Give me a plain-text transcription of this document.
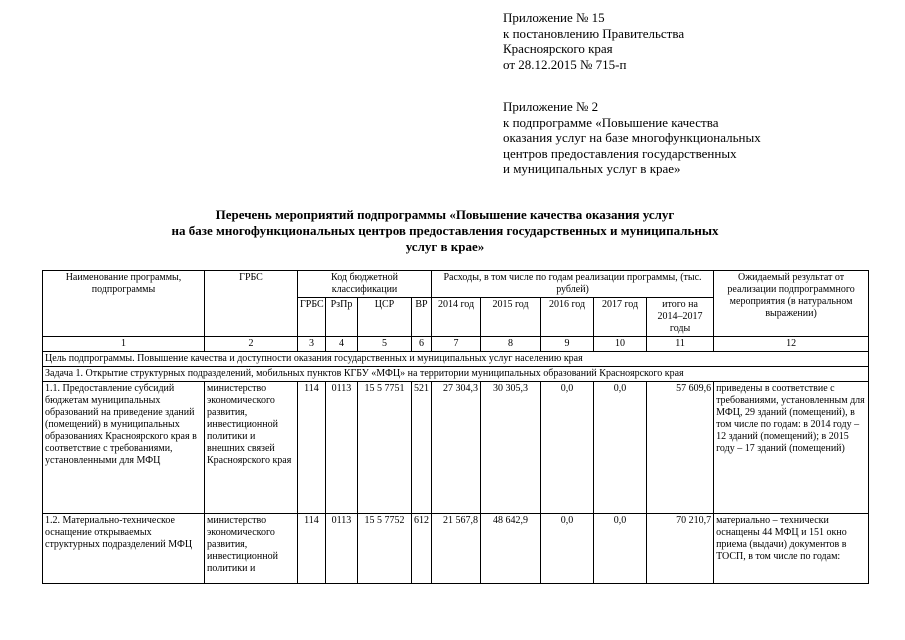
Приложение № 15
к постановлению Правительства
Красноярского края
от 28.12.2015 № 715-п
Приложение № 2
к подпрограмме «Повышение качества
оказания услуг на базе многофункциональных
центров предоставления государственных
и муниципальных услуг в крае»
Перечень мероприятий подпрограммы «Повышение качества оказания услуг
на базе многофункциональных центров предоставления государственных и муниципальных
услуг в крае»
Наименование программы, подпрограммы	ГРБС	Код бюджетной классификации				Расходы, в том числе по годам реализации программы, (тыс. рублей)					Ожидаемый результат от реализации подпрограммного мероприятия (в натуральном выражении)
		ГРБС	РзПр	ЦСР	ВР	2014 год	2015 год	2016 год	2017 год	итого на 2014–2017 годы	
1	2	3	4	5	6	7	8	9	10	11	12
Цель подпрограммы. Повышение качества и доступности оказания государственных и муниципальных услуг населению края											
Задача 1. Открытие структурных подразделений, мобильных пунктов КГБУ «МФЦ» на территории муниципальных образований Красноярского края											
1.1. Предоставление субсидий бюджетам муниципальных образований на приведение зданий (помещений) в муниципальных образованиях Красноярского края в соответствие с требованиями, установленными для МФЦ	министерство экономического развития, инвестиционной политики и внешних связей Красноярского края	114	0113	15 5 7751	521	27 304,3	30 305,3	0,0	0,0	57 609,6	приведены в соответствие с требованиями, установленным для МФЦ, 29 зданий (помещений), в том числе по годам: в 2014 году – 12 зданий (помещений); в 2015 году – 17 зданий (помещений)
1.2. Материально-техническое оснащение открываемых структурных подразделений МФЦ	министерство экономического развития, инвестиционной политики и	114	0113	15 5 7752	612	21 567,8	48 642,9	0,0	0,0	70 210,7	материально – технически оснащены 44 МФЦ и 151 окно приема (выдачи) документов в ТОСП, в том числе по годам:
